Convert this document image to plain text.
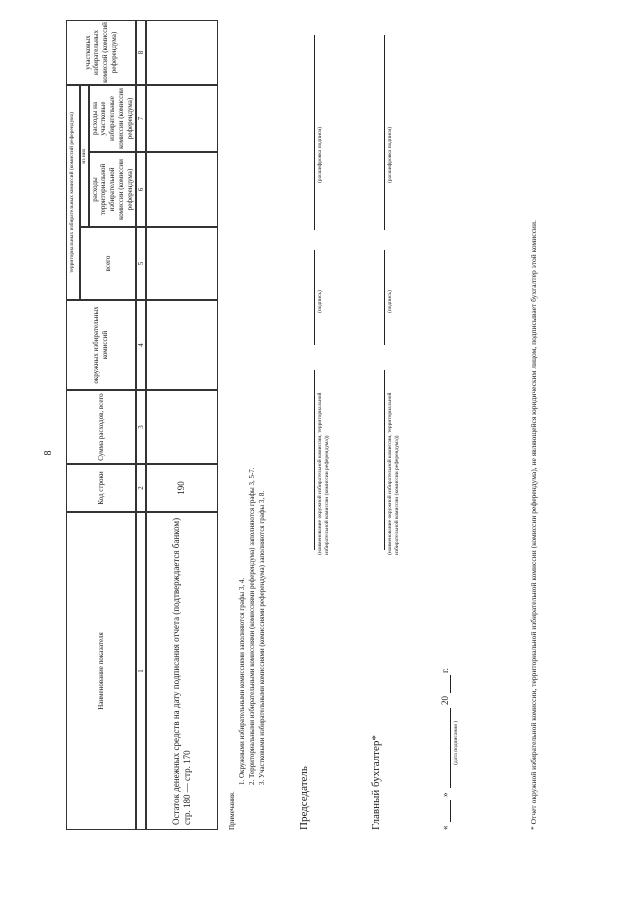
8
Наименование показателя
Код строки
Сумма расходов, всего
окружных избирательных комиссий
территориальных избирательных комиссий (комиссий референдума)	всего
из них
расходы территориальной избирательной комиссии (комиссии референдума)
расходы на участковые избирательные комиссии (комиссии референдума)
участковых избирательных комиссий (комиссий референдума)
1
2
3
4
5
6
7
8
Остаток денежных средств на дату подписания отчета (подтверждается банком) стр. 180 — стр. 170
190
Примечания.
1. Окружными избирательными комиссиями заполняются графы 3, 4. 2. Территориальными избирательными комиссиями (комиссиями референдума) заполняются графы 3, 5-7. 3. Участковыми избирательными комиссиями (комиссиями референдума) заполняются графы 3, 8.
Председатель
(наименование окружной избирательной комиссии, территориальной избирательной комиссии (комиссии референдума))
(подпись)
(расшифровка подписи)
Главный бухгалтер*
(наименование окружной избирательной комиссии, территориальной избирательной комиссии (комиссии референдума))
(подпись)
(расшифровка подписи)
«
»
20
г.
(дата подписания )	* Отчет окружной избирательной комиссии, территориальной избирательной комиссии (комиссии референдума), не являющейся юридическим лицом, подписывает бухгалтер этой комиссии.
